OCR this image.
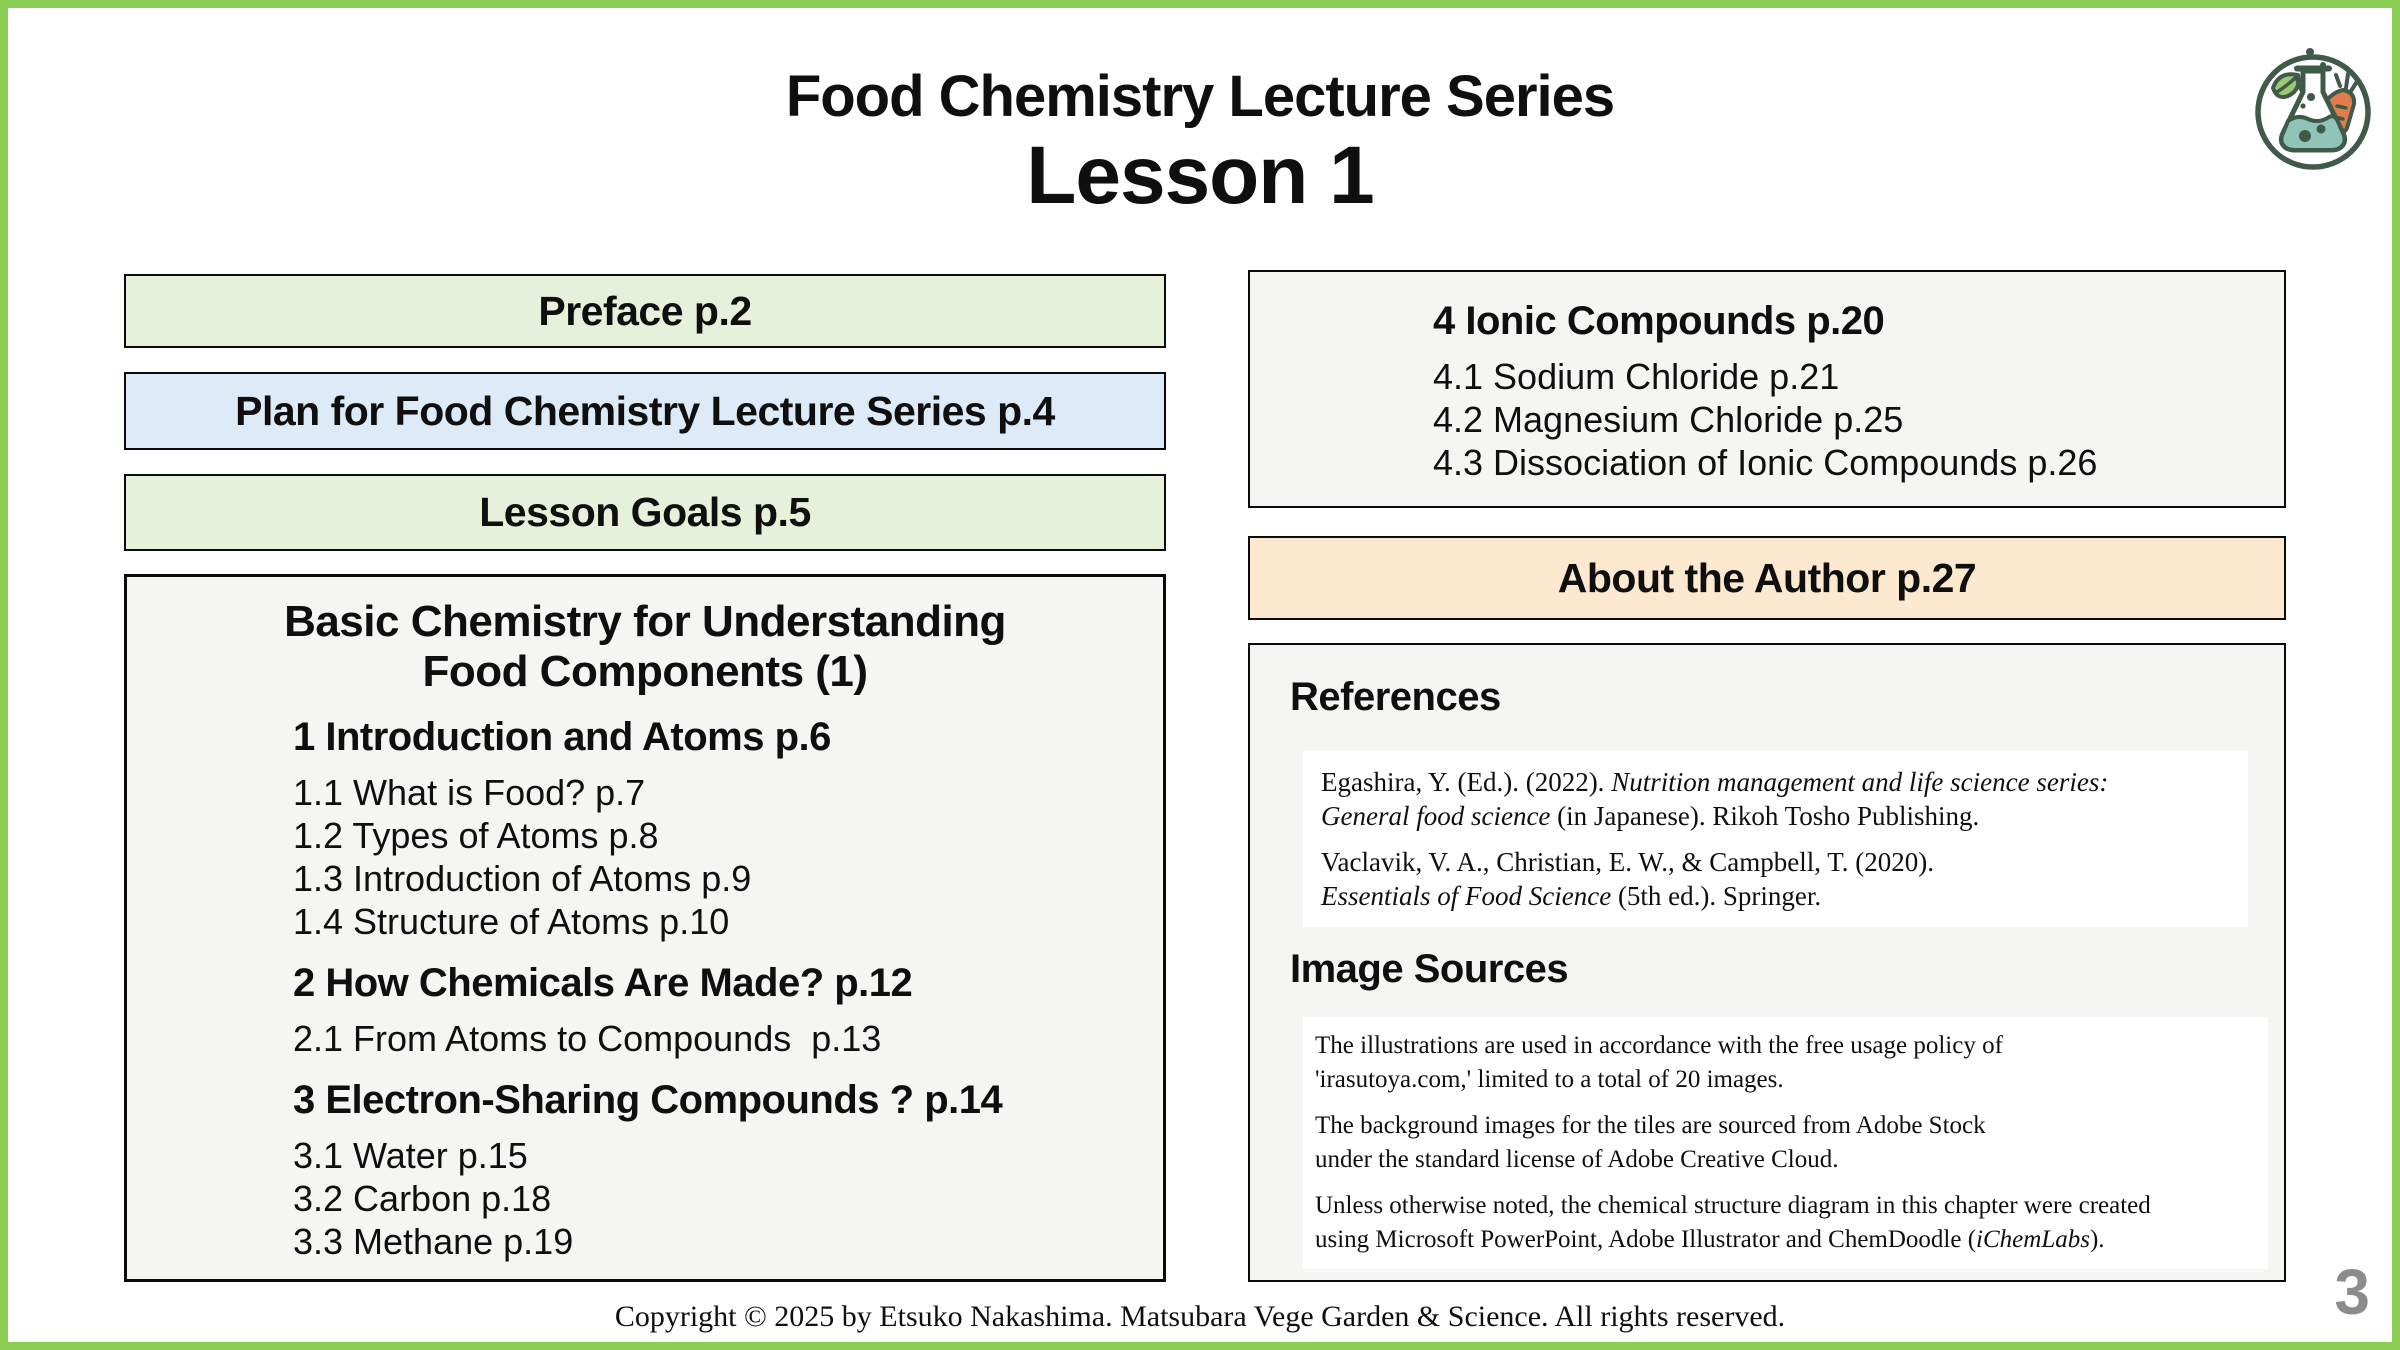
Food Chemistry Lecture Series
Lesson 1
Preface p.2
Plan for Food Chemistry Lecture Series p.4
Lesson Goals p.5
Basic Chemistry for Understanding
Food Components (1)
1 Introduction and Atoms p.6
1.1 What is Food? p.7
1.2 Types of Atoms p.8
1.3 Introduction of Atoms p.9
1.4 Structure of Atoms p.10
2 How Chemicals Are Made? p.12
2.1 From Atoms to Compounds  p.13
3 Electron-Sharing Compounds ? p.14
3.1 Water p.15
3.2 Carbon p.18
3.3 Methane p.19
4 Ionic Compounds p.20
4.1 Sodium Chloride p.21
4.2 Magnesium Chloride p.25
4.3 Dissociation of Ionic Compounds p.26
About the Author p.27
References
Egashira, Y. (Ed.). (2022). Nutrition management and life science series:
General food science (in Japanese). Rikoh Tosho Publishing.
Vaclavik, V. A., Christian, E. W., & Campbell, T. (2020).
Essentials of Food Science (5th ed.). Springer.
Image Sources
The illustrations are used in accordance with the free usage policy of
'irasutoya.com,' limited to a total of 20 images.
The background images for the tiles are sourced from Adobe Stock
under the standard license of Adobe Creative Cloud.
Unless otherwise noted, the chemical structure diagram in this chapter were created
using Microsoft PowerPoint, Adobe Illustrator and ChemDoodle (iChemLabs).
Copyright © 2025 by Etsuko Nakashima. Matsubara Vege Garden & Science. All rights reserved.	3
